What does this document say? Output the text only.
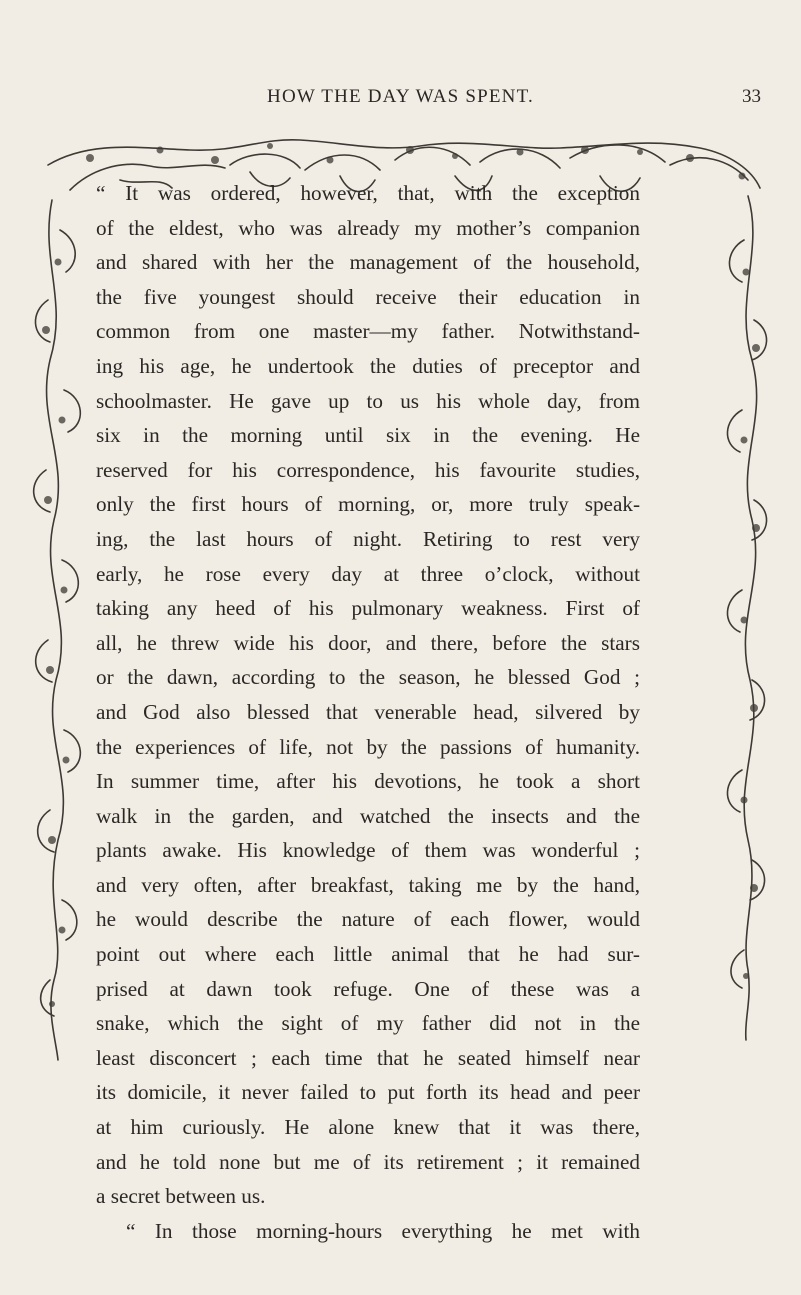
HOW THE DAY WAS SPENT.	33
“ It was ordered, however, that, with the exception
of the eldest, who was already my mother’s companion
and shared with her the management of the household,
the five youngest should receive their education in
common from one master—my father. Notwithstand-
ing his age, he undertook the duties of preceptor and
schoolmaster. He gave up to us his whole day, from
six in the morning until six in the evening. He
reserved for his correspondence, his favourite studies,
only the first hours of morning, or, more truly speak-
ing, the last hours of night. Retiring to rest very
early, he rose every day at three o’clock, without
taking any heed of his pulmonary weakness. First of
all, he threw wide his door, and there, before the stars
or the dawn, according to the season, he blessed God ;
and God also blessed that venerable head, silvered by
the experiences of life, not by the passions of humanity.
In summer time, after his devotions, he took a short
walk in the garden, and watched the insects and the
plants awake. His knowledge of them was wonderful ;
and very often, after breakfast, taking me by the hand,
he would describe the nature of each flower, would
point out where each little animal that he had sur-
prised at dawn took refuge. One of these was a
snake, which the sight of my father did not in the
least disconcert ; each time that he seated himself near
its domicile, it never failed to put forth its head and peer
at him curiously. He alone knew that it was there,
and he told none but me of its retirement ; it remained
a secret between us.
“ In those morning-hours everything he met with
